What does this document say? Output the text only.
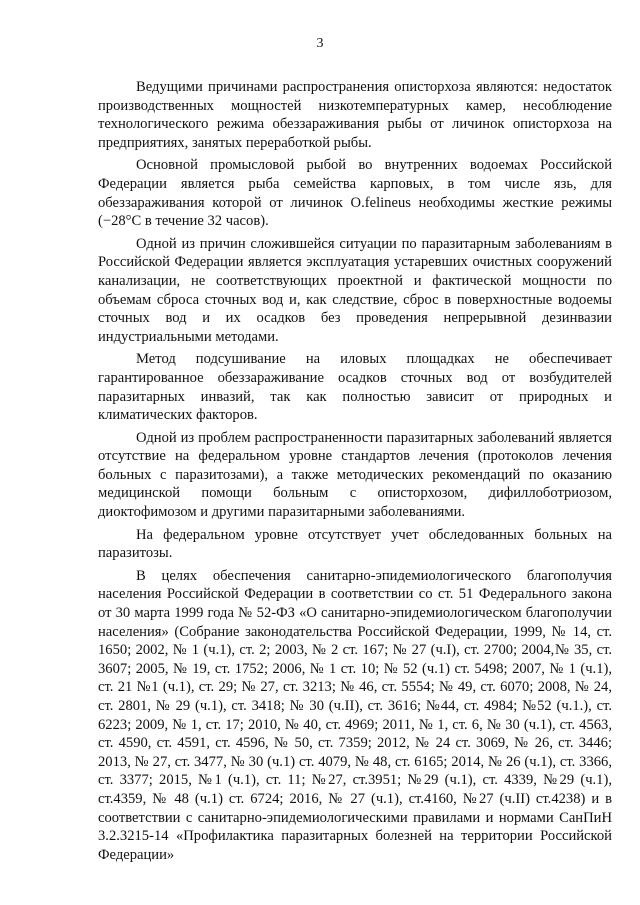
3

Ведущими причинами распространения описторхоза являются: недостаток производственных мощностей низкотемпературных камер, несоблюдение технологического режима обеззараживания рыбы от личинок описторхоза на предприятиях, занятых переработкой рыбы.

Основной промысловой рыбой во внутренних водоемах Российской Федерации является рыба семейства карповых, в том числе язь, для обеззараживания которой от личинок O.felineus необходимы жесткие режимы (−28°С в течение 32 часов).

Одной из причин сложившейся ситуации по паразитарным заболеваниям в Российской Федерации является эксплуатация устаревших очистных сооружений канализации, не соответствующих проектной и фактической мощности по объемам сброса сточных вод и, как следствие, сброс в поверхностные водоемы сточных вод и их осадков без проведения непрерывной дезинвазии индустриальными методами.

Метод подсушивание на иловых площадках не обеспечивает гарантированное обеззараживание осадков сточных вод от возбудителей паразитарных инвазий, так как полностью зависит от природных и климатических факторов.

Одной из проблем распространенности паразитарных заболеваний является отсутствие на федеральном уровне стандартов лечения (протоколов лечения больных с паразитозами), а также методических рекомендаций по оказанию медицинской помощи больным с описторхозом, дифиллоботриозом, диоктофимозом и другими паразитарными заболеваниями.

На федеральном уровне отсутствует учет обследованных больных на паразитозы.

В целях обеспечения санитарно-эпидемиологического благополучия населения Российской Федерации в соответствии со ст. 51 Федерального закона от 30 марта 1999 года № 52-ФЗ «О санитарно-эпидемиологическом благополучии населения» (Собрание законодательства Российской Федерации, 1999, № 14, ст. 1650; 2002, № 1 (ч.1), ст. 2; 2003, № 2 ст. 167; № 27 (ч.I), ст. 2700; 2004,№ 35, ст. 3607; 2005, № 19, ст. 1752; 2006, № 1 ст. 10; № 52 (ч.1) ст. 5498; 2007, № 1 (ч.1), ст. 21 №1 (ч.1), ст. 29; № 27, ст. 3213; № 46, ст. 5554; № 49, ст. 6070; 2008, № 24, ст. 2801, № 29 (ч.1), ст. 3418; № 30 (ч.II), ст. 3616; №44, ст. 4984; №52 (ч.1.), ст. 6223; 2009, № 1, ст. 17; 2010, № 40, ст. 4969; 2011, № 1, ст. 6, № 30 (ч.1), ст. 4563, ст. 4590, ст. 4591, ст. 4596, № 50, ст. 7359; 2012, № 24 ст. 3069, № 26, ст. 3446; 2013, № 27, ст. 3477, № 30 (ч.1) ст. 4079, № 48, ст. 6165; 2014, № 26 (ч.1), ст. 3366, ст. 3377; 2015, №1 (ч.1), ст. 11; №27, ст.3951; №29 (ч.1), ст. 4339, №29 (ч.1), ст.4359, № 48 (ч.1) ст. 6724; 2016, № 27 (ч.1), ст.4160, №27 (ч.II) ст.4238) и в соответствии с санитарно-эпидемиологическими правилами и нормами СанПиН 3.2.3215-14 «Профилактика паразитарных болезней на территории Российской Федерации»
